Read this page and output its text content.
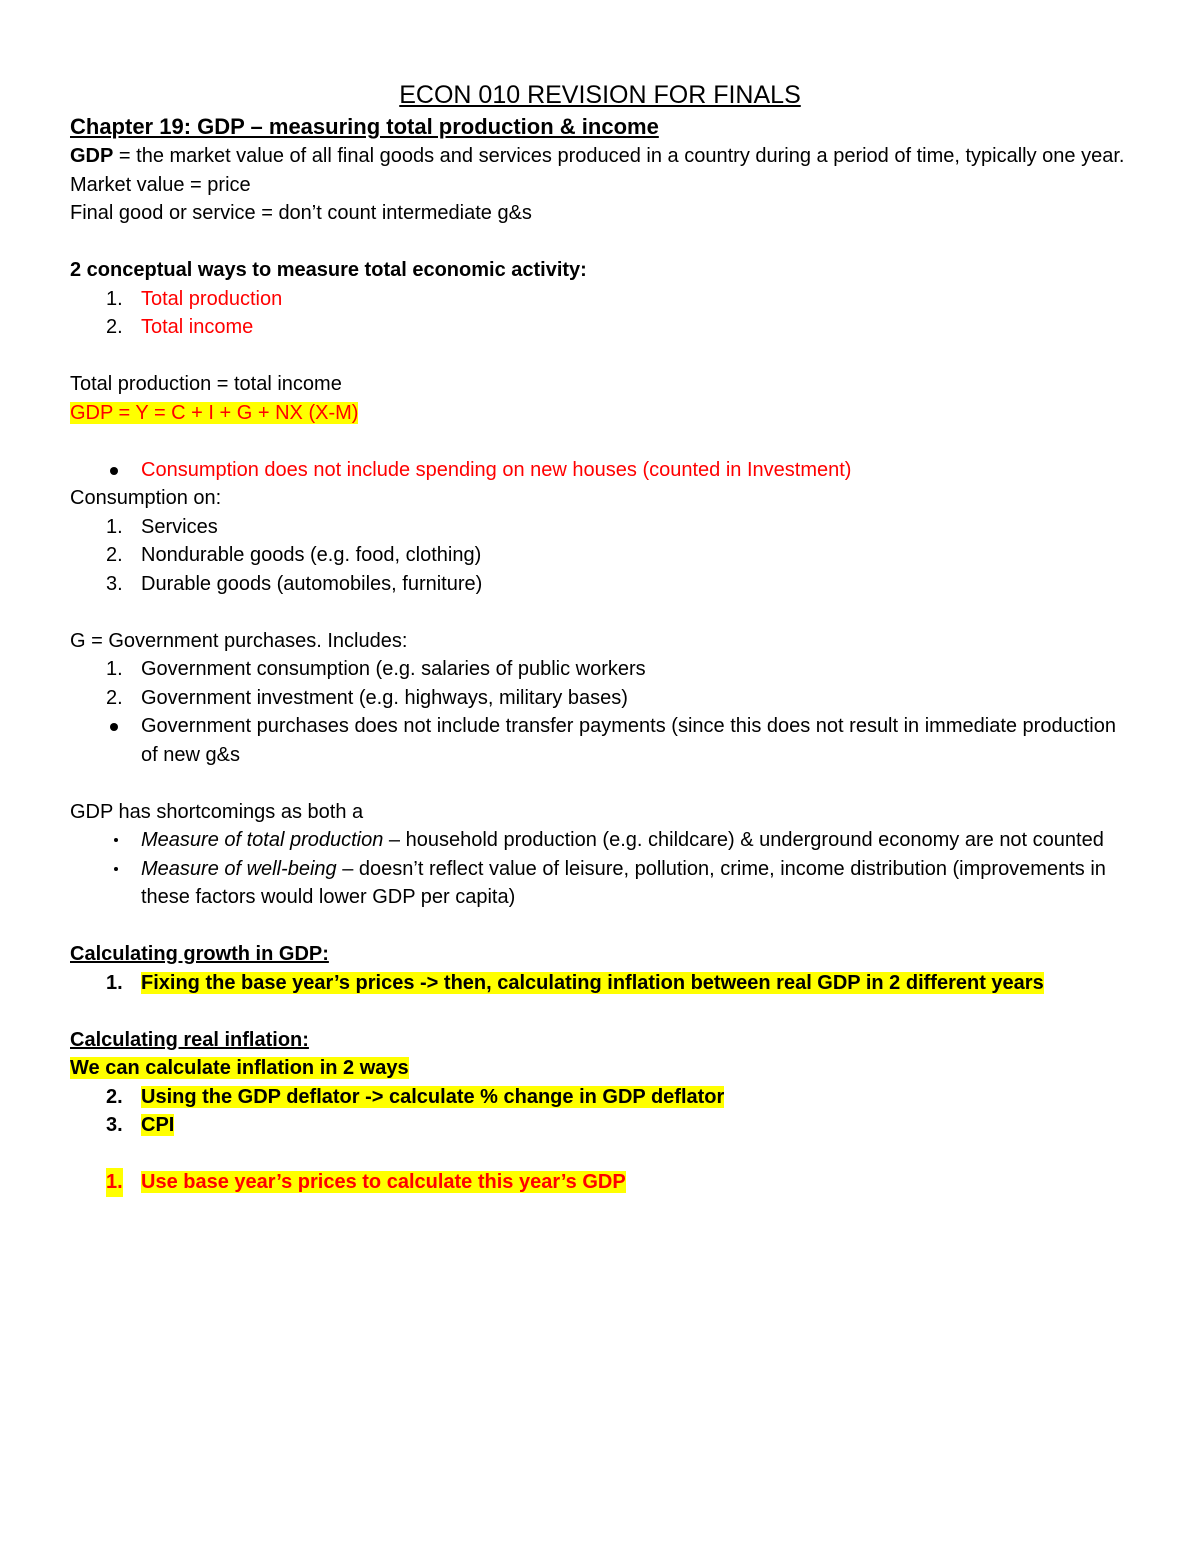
ECON 010 REVISION FOR FINALS
Chapter 19: GDP – measuring total production & income

GDP = the market value of all final goods and services produced in a country during a period of time, typically one year.

Market value = price

Final good or service = don’t count intermediate g&s

2 conceptual ways to measure total economic activity:

1. Total production
2. Total income

Total production = total income

GDP = Y = C + I + G + NX (X-M)

Consumption does not include spending on new houses (counted in Investment)

Consumption on:

1. Services
2. Nondurable goods (e.g. food, clothing)
3. Durable goods (automobiles, furniture)

G = Government purchases. Includes:

1. Government consumption (e.g. salaries of public workers
2. Government investment (e.g. highways, military bases)
Government purchases does not include transfer payments (since this does not result in immediate production of new g&s

GDP has shortcomings as both a

Measure of total production – household production (e.g. childcare) & underground economy are not counted
Measure of well-being – doesn’t reflect value of leisure, pollution, crime, income distribution (improvements in these factors would lower GDP per capita)

Calculating growth in GDP:

1. Fixing the base year’s prices -> then, calculating inflation between real GDP in 2 different years

Calculating real inflation:

We can calculate inflation in 2 ways

2. Using the GDP deflator -> calculate % change in GDP deflator
3. CPI
1. Use base year’s prices to calculate this year’s GDP
